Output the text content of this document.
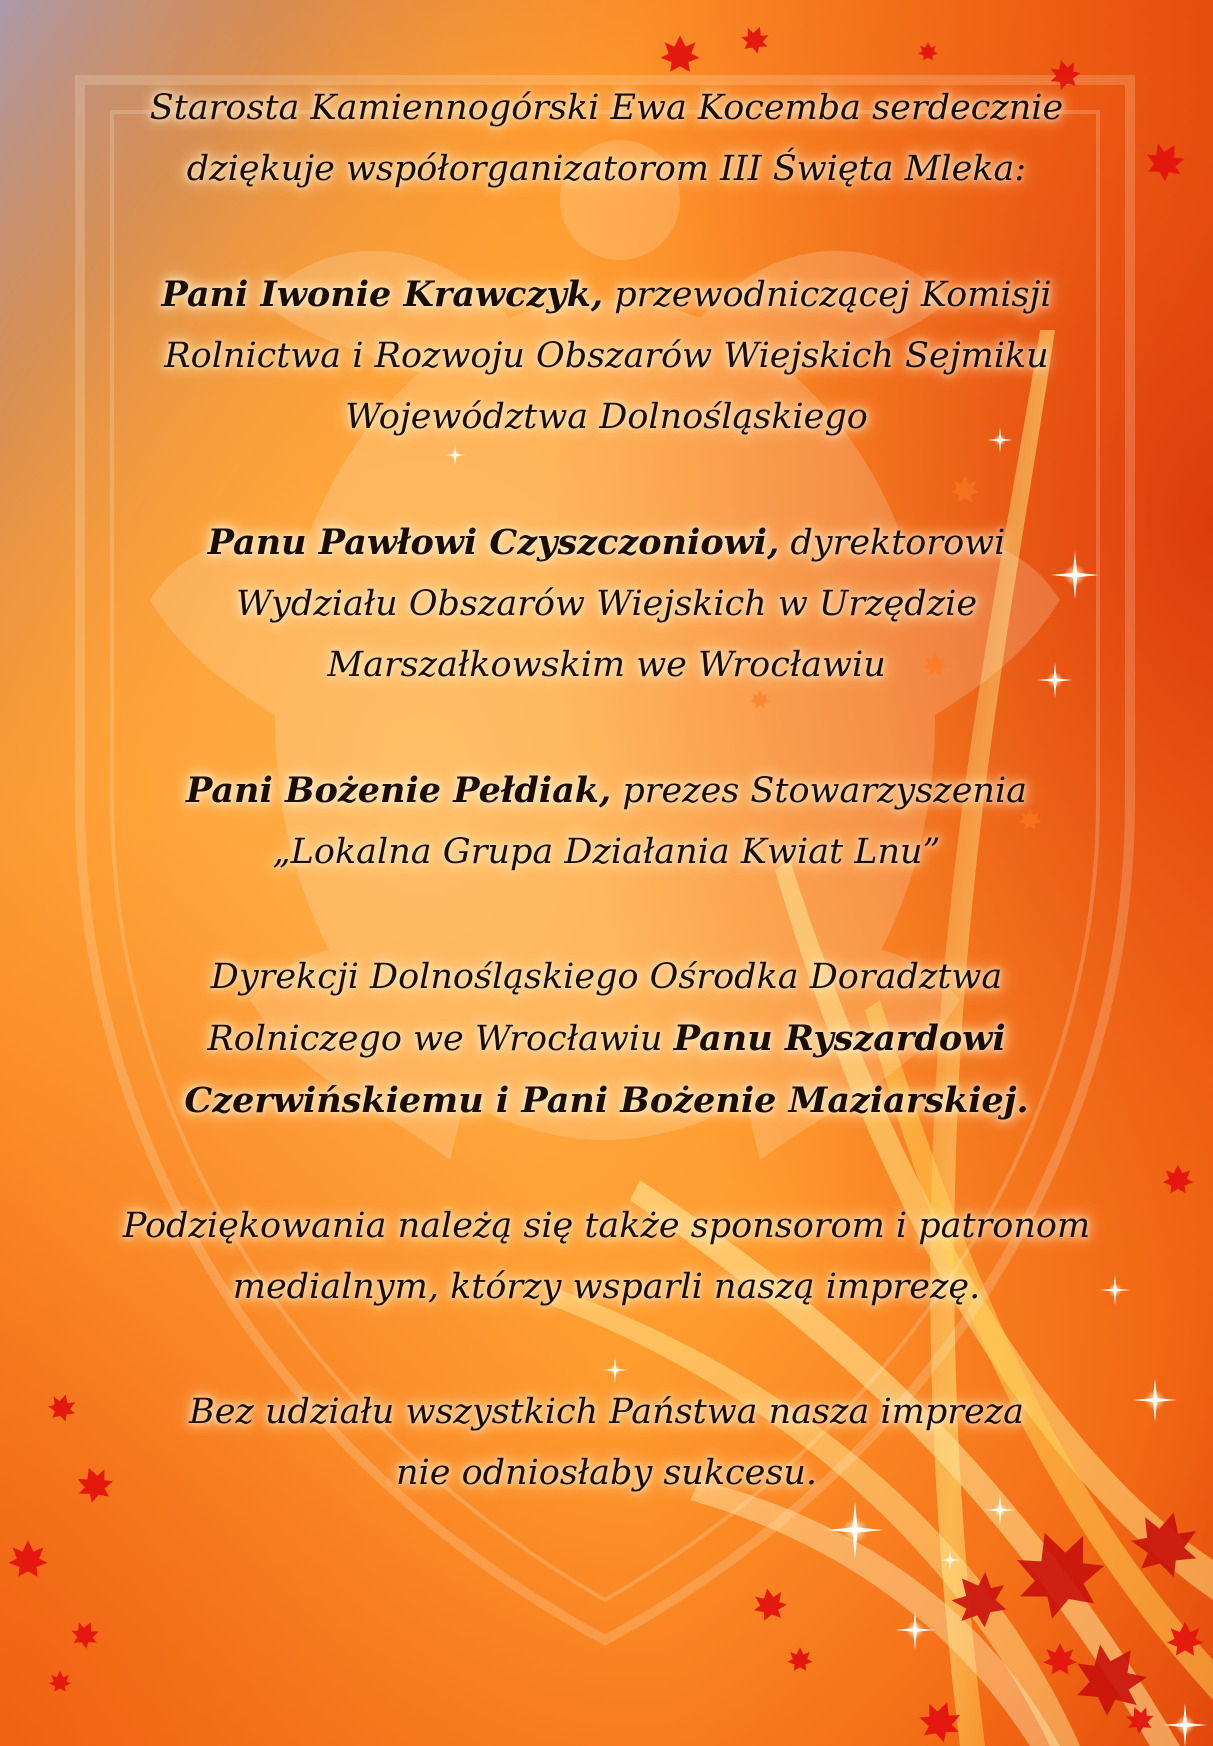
Starosta Kamiennogórski Ewa Kocemba serdecznie
dziękuje współorganizatorom III Święta Mleka:

Pani Iwonie Krawczyk, przewodniczącej Komisji
Rolnictwa i Rozwoju Obszarów Wiejskich Sejmiku
Województwa Dolnośląskiego

Panu Pawłowi Czyszczoniowi, dyrektorowi
Wydziału Obszarów Wiejskich w Urzędzie
Marszałkowskim we Wrocławiu

Pani Bożenie Pełdiak, prezes Stowarzyszenia
„Lokalna Grupa Działania Kwiat Lnu”

Dyrekcji Dolnośląskiego Ośrodka Doradztwa
Rolniczego we Wrocławiu Panu Ryszardowi
Czerwińskiemu i Pani Bożenie Maziarskiej.

Podziękowania należą się także sponsorom i patronom
medialnym, którzy wsparli naszą imprezę.

Bez udziału wszystkich Państwa nasza impreza
nie odniosłaby sukcesu.
